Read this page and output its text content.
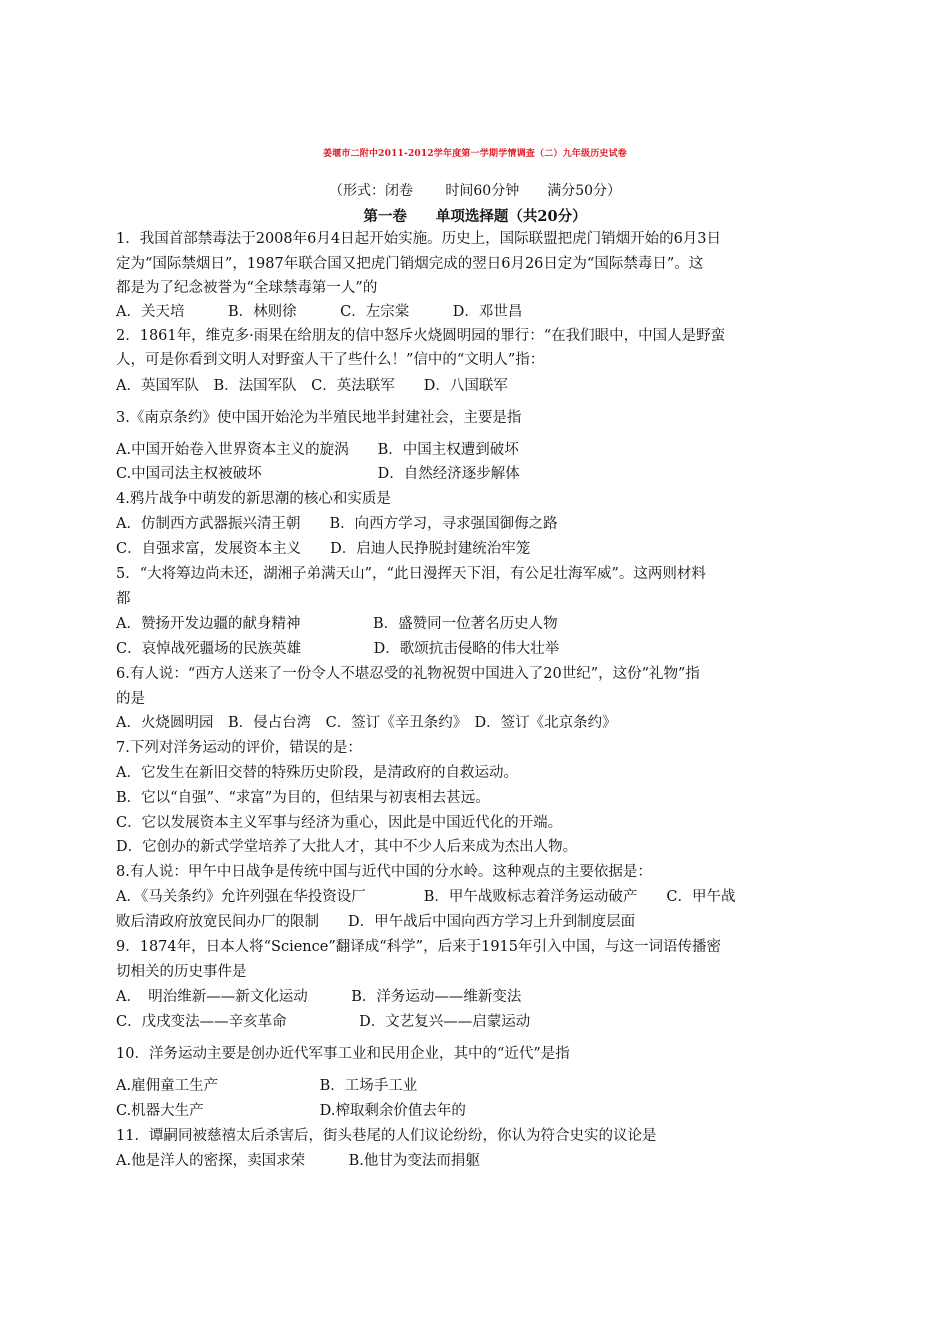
姜堰市二附中2011-2012学年度第一学期学情调查（二）九年级历史试卷
（形式：闭卷　　 时间60分钟　　满分50分）
第一卷　　单项选择题（共20分）
1．我国首部禁毒法于2008年6月4日起开始实施。历史上，国际联盟把虎门销烟开始的6月3日
定为“国际禁烟日”，1987年联合国又把虎门销烟完成的翌日6月26日定为“国际禁毒日”。这
都是为了纪念被誉为“全球禁毒第一人”的
A．关天培　　　B．林则徐　　　C．左宗棠　　　D．邓世昌
2．1861年，维克多·雨果在给朋友的信中怒斥火烧圆明园的罪行：“在我们眼中，中国人是野蛮
人，可是你看到文明人对野蛮人干了些什么！”信中的“文明人”指：
A．英国军队　B．法国军队　C．英法联军　　D．八国联军
3.《南京条约》使中国开始沦为半殖民地半封建社会，主要是指
A.中国开始卷入世界资本主义的旋涡　　B．中国主权遭到破坏
C.中国司法主权被破坏　　　　　　　　D．自然经济逐步解体
4.鸦片战争中萌发的新思潮的核心和实质是
A．仿制西方武器振兴清王朝　　B．向西方学习，寻求强国御侮之路
C．自强求富，发展资本主义　　D．启迪人民挣脱封建统治牢笼
5．“大将筹边尚未还，湖湘子弟满天山”，“此日漫挥天下泪，有公足壮海军威”。这两则材料
都
A．赞扬开发边疆的献身精神　　　　　B．盛赞同一位著名历史人物
C．哀悼战死疆场的民族英雄　　　　　D．歌颂抗击侵略的伟大壮举
6.有人说：“西方人送来了一份令人不堪忍受的礼物祝贺中国进入了20世纪”，这份“礼物”指
的是
A．火烧圆明园　B．侵占台湾　C．签订《辛丑条约》　D．签订《北京条约》
7.下列对洋务运动的评价，错误的是：
A．它发生在新旧交替的特殊历史阶段，是清政府的自救运动。
B．它以“自强”、“求富”为目的，但结果与初衷相去甚远。
C．它以发展资本主义军事与经济为重心，因此是中国近代化的开端。
D．它创办的新式学堂培养了大批人才，其中不少人后来成为杰出人物。
8.有人说：甲午中日战争是传统中国与近代中国的分水岭。这种观点的主要依据是：
A．《马关条约》允许列强在华投资设厂　　　　B．甲午战败标志着洋务运动破产　　C．甲午战
败后清政府放宽民间办厂的限制　　D．甲午战后中国向西方学习上升到制度层面
9．1874年，日本人将“Science”翻译成“科学”，后来于1915年引入中国，与这一词语传播密
切相关的历史事件是
A．　明治维新——新文化运动　　　B．洋务运动——维新变法
C．戊戌变法——辛亥革命　　　　　D．文艺复兴——启蒙运动
10．洋务运动主要是创办近代军事工业和民用企业，其中的“近代”是指
A.雇佣童工生产　　　　　　　B．工场手工业
C.机器大生产　　　　　　　　D.榨取剩余价值去年的
11．谭嗣同被慈禧太后杀害后，街头巷尾的人们议论纷纷，你认为符合史实的议论是
A.他是洋人的密探，卖国求荣　　　B.他甘为变法而捐躯
